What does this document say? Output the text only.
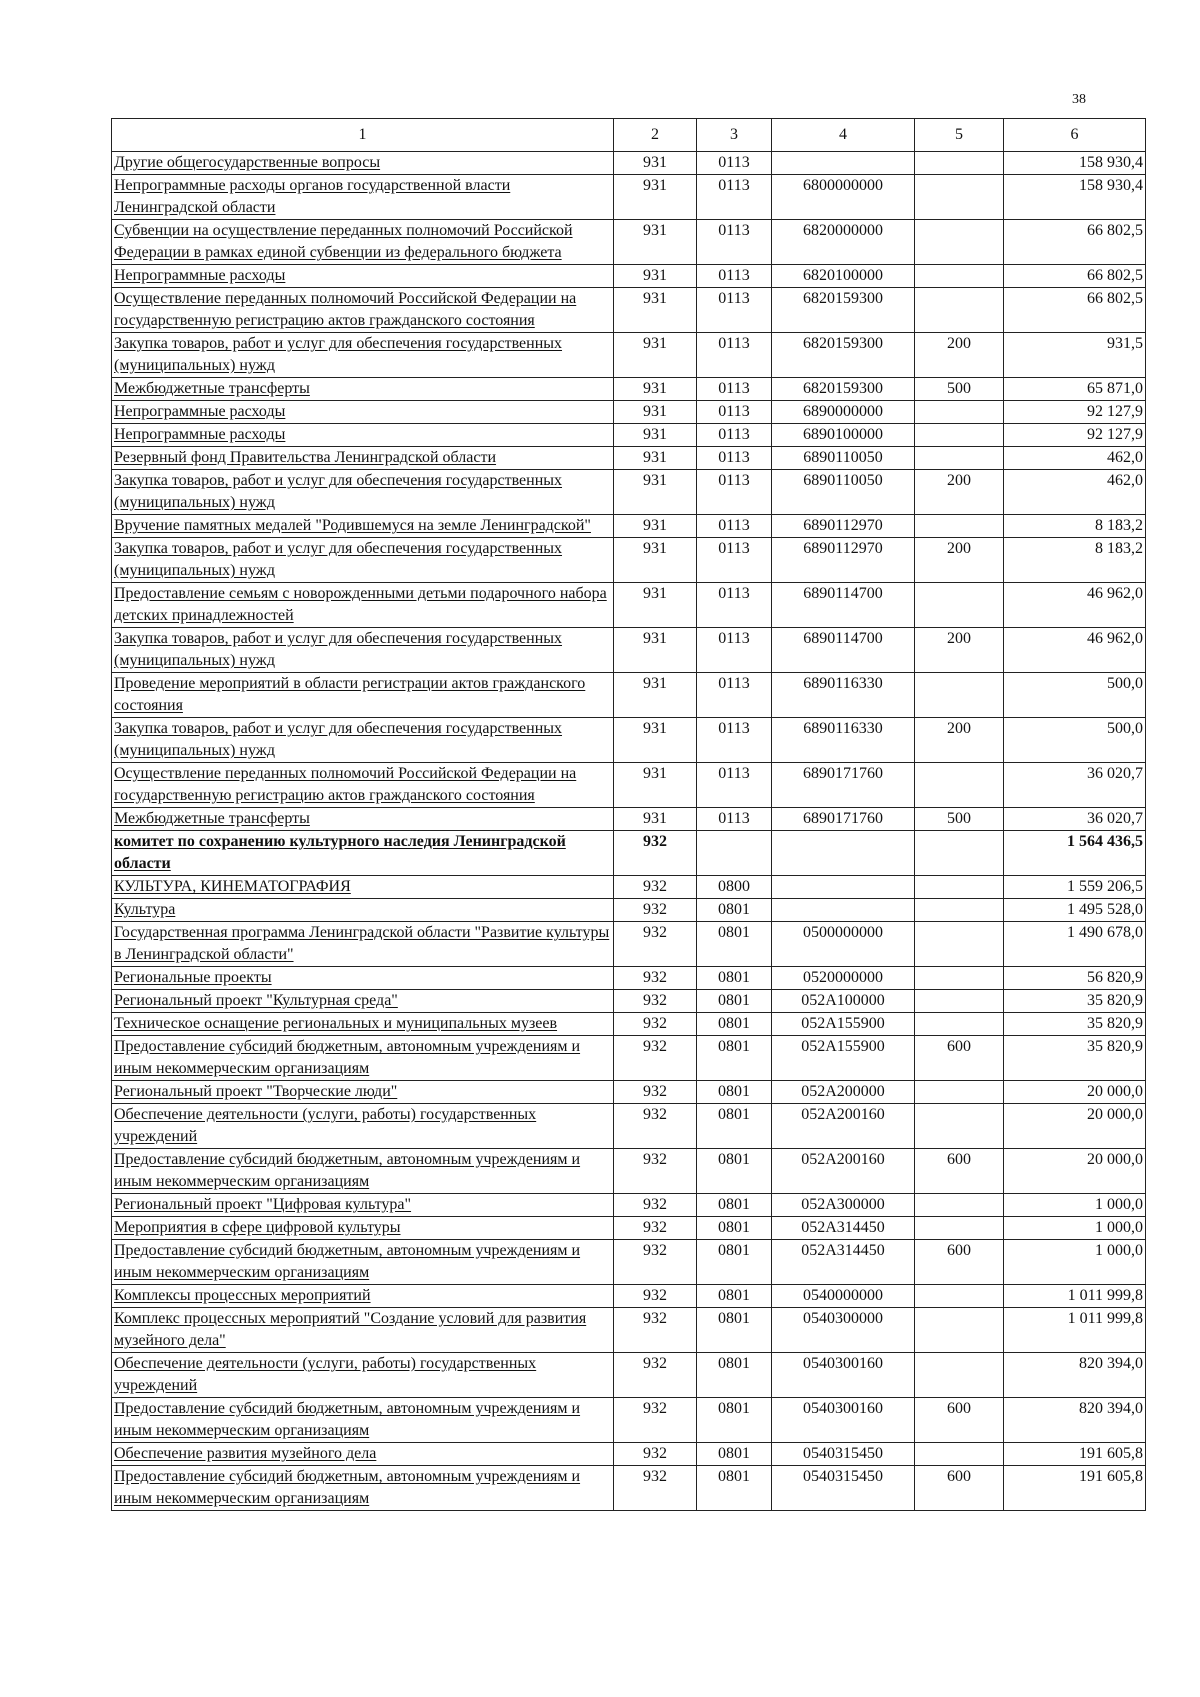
38
1	2	3	4	5	6
Другие общегосударственные вопросы	931	0113			158 930,4
Непрограммные расходы органов государственной власти Ленинградской области	931	0113	6800000000		158 930,4
Субвенции на осуществление переданных полномочий Российской Федерации в рамках единой субвенции из федерального бюджета	931	0113	6820000000		66 802,5
Непрограммные расходы	931	0113	6820100000		66 802,5
Осуществление переданных полномочий Российской Федерации на государственную регистрацию актов гражданского состояния	931	0113	6820159300		66 802,5
Закупка товаров, работ и услуг для обеспечения государственных (муниципальных) нужд	931	0113	6820159300	200	931,5
Межбюджетные трансферты	931	0113	6820159300	500	65 871,0
Непрограммные расходы	931	0113	6890000000		92 127,9
Непрограммные расходы	931	0113	6890100000		92 127,9
Резервный фонд Правительства Ленинградской области	931	0113	6890110050		462,0
Закупка товаров, работ и услуг для обеспечения государственных (муниципальных) нужд	931	0113	6890110050	200	462,0
Вручение памятных медалей "Родившемуся на земле Ленинградской"	931	0113	6890112970		8 183,2
Закупка товаров, работ и услуг для обеспечения государственных (муниципальных) нужд	931	0113	6890112970	200	8 183,2
Предоставление семьям с новорожденными детьми подарочного набора детских принадлежностей	931	0113	6890114700		46 962,0
Закупка товаров, работ и услуг для обеспечения государственных (муниципальных) нужд	931	0113	6890114700	200	46 962,0
Проведение мероприятий в области регистрации актов гражданского состояния	931	0113	6890116330		500,0
Закупка товаров, работ и услуг для обеспечения государственных (муниципальных) нужд	931	0113	6890116330	200	500,0
Осуществление переданных полномочий Российской Федерации на государственную регистрацию актов гражданского состояния	931	0113	6890171760		36 020,7
Межбюджетные трансферты	931	0113	6890171760	500	36 020,7
комитет по сохранению культурного наследия Ленинградской области	932				1 564 436,5
КУЛЬТУРА, КИНЕМАТОГРАФИЯ	932	0800			1 559 206,5
Культура	932	0801			1 495 528,0
Государственная программа Ленинградской области "Развитие культуры в Ленинградской области"	932	0801	0500000000		1 490 678,0
Региональные проекты	932	0801	0520000000		56 820,9
Региональный проект "Культурная среда"	932	0801	052А100000		35 820,9
Техническое оснащение региональных и муниципальных музеев	932	0801	052А155900		35 820,9
Предоставление субсидий бюджетным, автономным учреждениям и иным некоммерческим организациям	932	0801	052А155900	600	35 820,9
Региональный проект "Творческие люди"	932	0801	052А200000		20 000,0
Обеспечение деятельности (услуги, работы) государственных учреждений	932	0801	052А200160		20 000,0
Предоставление субсидий бюджетным, автономным учреждениям и иным некоммерческим организациям	932	0801	052А200160	600	20 000,0
Региональный проект "Цифровая культура"	932	0801	052А300000		1 000,0
Мероприятия в сфере цифровой культуры	932	0801	052А314450		1 000,0
Предоставление субсидий бюджетным, автономным учреждениям и иным некоммерческим организациям	932	0801	052А314450	600	1 000,0
Комплексы процессных мероприятий	932	0801	0540000000		1 011 999,8
Комплекс процессных мероприятий "Создание условий для развития музейного дела"	932	0801	0540300000		1 011 999,8
Обеспечение деятельности (услуги, работы) государственных учреждений	932	0801	0540300160		820 394,0
Предоставление субсидий бюджетным, автономным учреждениям и иным некоммерческим организациям	932	0801	0540300160	600	820 394,0
Обеспечение развития музейного дела	932	0801	0540315450		191 605,8
Предоставление субсидий бюджетным, автономным учреждениям и иным некоммерческим организациям	932	0801	0540315450	600	191 605,8
